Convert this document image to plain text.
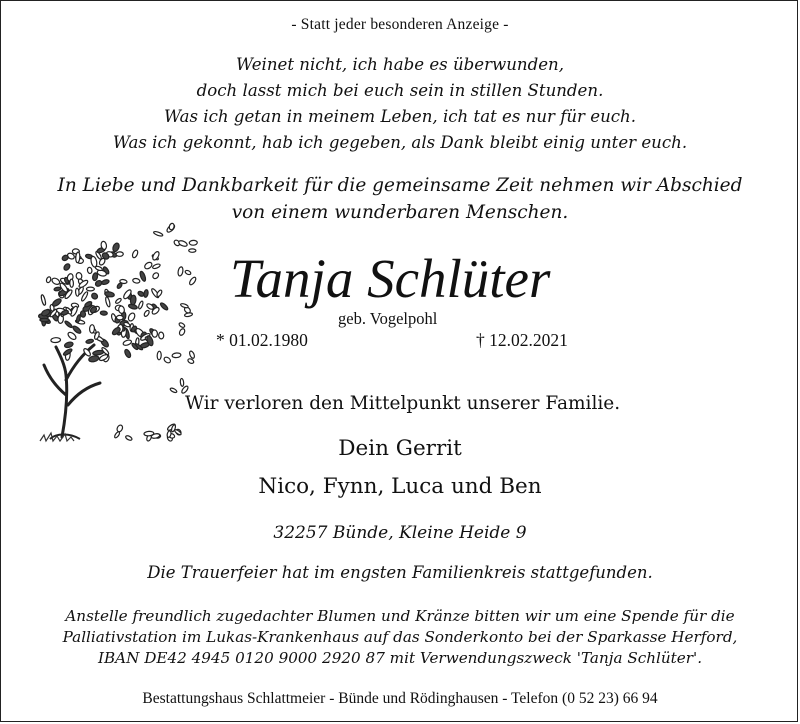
- Statt jeder besonderen Anzeige -
Weinet nicht, ich habe es überwunden,
doch lasst mich bei euch sein in stillen Stunden.
Was ich getan in meinem Leben, ich tat es nur für euch.
Was ich gekonnt, hab ich gegeben, als Dank bleibt einig unter euch.
In Liebe und Dankbarkeit für die gemeinsame Zeit nehmen wir Abschied
von einem wunderbaren Menschen.
Tanja Schlüter
geb. Vogelpohl
* 01.02.1980	† 12.02.2021
Wir verloren den Mittelpunkt unserer Familie.
Dein Gerrit
Nico, Fynn, Luca und Ben
32257 Bünde, Kleine Heide 9
Die Trauerfeier hat im engsten Familienkreis stattgefunden.
Anstelle freundlich zugedachter Blumen und Kränze bitten wir um eine Spende für die
Palliativstation im Lukas-Krankenhaus auf das Sonderkonto bei der Sparkasse Herford,
IBAN DE42 4945 0120 9000 2920 87 mit Verwendungszweck 'Tanja Schlüter'.
Bestattungshaus Schlattmeier - Bünde und Rödinghausen - Telefon (0 52 23) 66 94
